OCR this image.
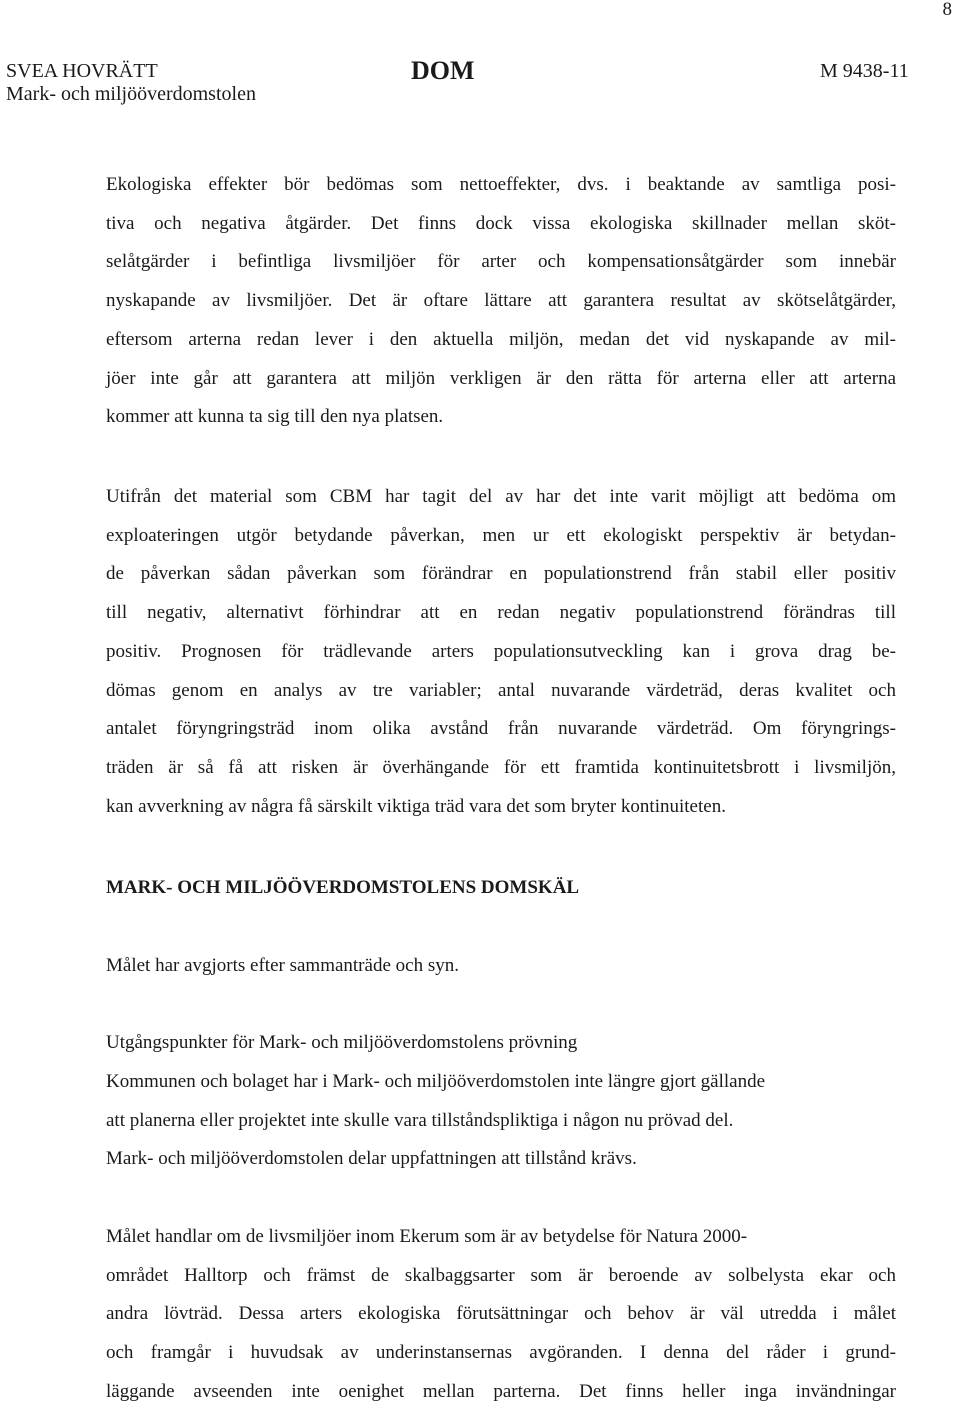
8
SVEA HOVRÄTT
Mark- och miljööverdomstolen
DOM	M 9438-11
Ekologiska effekter bör bedömas som nettoeffekter, dvs. i beaktande av samtliga posi-
tiva och negativa åtgärder. Det finns dock vissa ekologiska skillnader mellan sköt-
selåtgärder i befintliga livsmiljöer för arter och kompensationsåtgärder som innebär
nyskapande av livsmiljöer. Det är oftare lättare att garantera resultat av skötselåtgärder,
eftersom arterna redan lever i den aktuella miljön, medan det vid nyskapande av mil-
jöer inte går att garantera att miljön verkligen är den rätta för arterna eller att arterna
kommer att kunna ta sig till den nya platsen.
Utifrån det material som CBM har tagit del av har det inte varit möjligt att bedöma om
exploateringen utgör betydande påverkan, men ur ett ekologiskt perspektiv är betydan-
de påverkan sådan påverkan som förändrar en populationstrend från stabil eller positiv
till negativ, alternativt förhindrar att en redan negativ populationstrend förändras till
positiv. Prognosen för trädlevande arters populationsutveckling kan i grova drag be-
dömas genom en analys av tre variabler; antal nuvarande värdeträd, deras kvalitet och
antalet föryngringsträd inom olika avstånd från nuvarande värdeträd. Om föryngrings-
träden är så få att risken är överhängande för ett framtida kontinuitetsbrott i livsmiljön,
kan avverkning av några få särskilt viktiga träd vara det som bryter kontinuiteten.
MARK- OCH MILJÖÖVERDOMSTOLENS DOMSKÄL
Målet har avgjorts efter sammanträde och syn.
Utgångspunkter för Mark- och miljööverdomstolens prövning
Kommunen och bolaget har i Mark- och miljööverdomstolen inte längre gjort gällande
att planerna eller projektet inte skulle vara tillståndspliktiga i någon nu prövad del.
Mark- och miljööverdomstolen delar uppfattningen att tillstånd krävs.
Målet handlar om de livsmiljöer inom Ekerum som är av betydelse för Natura 2000-
området Halltorp och främst de skalbaggsarter som är beroende av solbelysta ekar och
andra lövträd. Dessa arters ekologiska förutsättningar och behov är väl utredda i målet
och framgår i huvudsak av underinstansernas avgöranden. I denna del råder i grund-
läggande avseenden inte oenighet mellan parterna. Det finns heller inga invändningar
